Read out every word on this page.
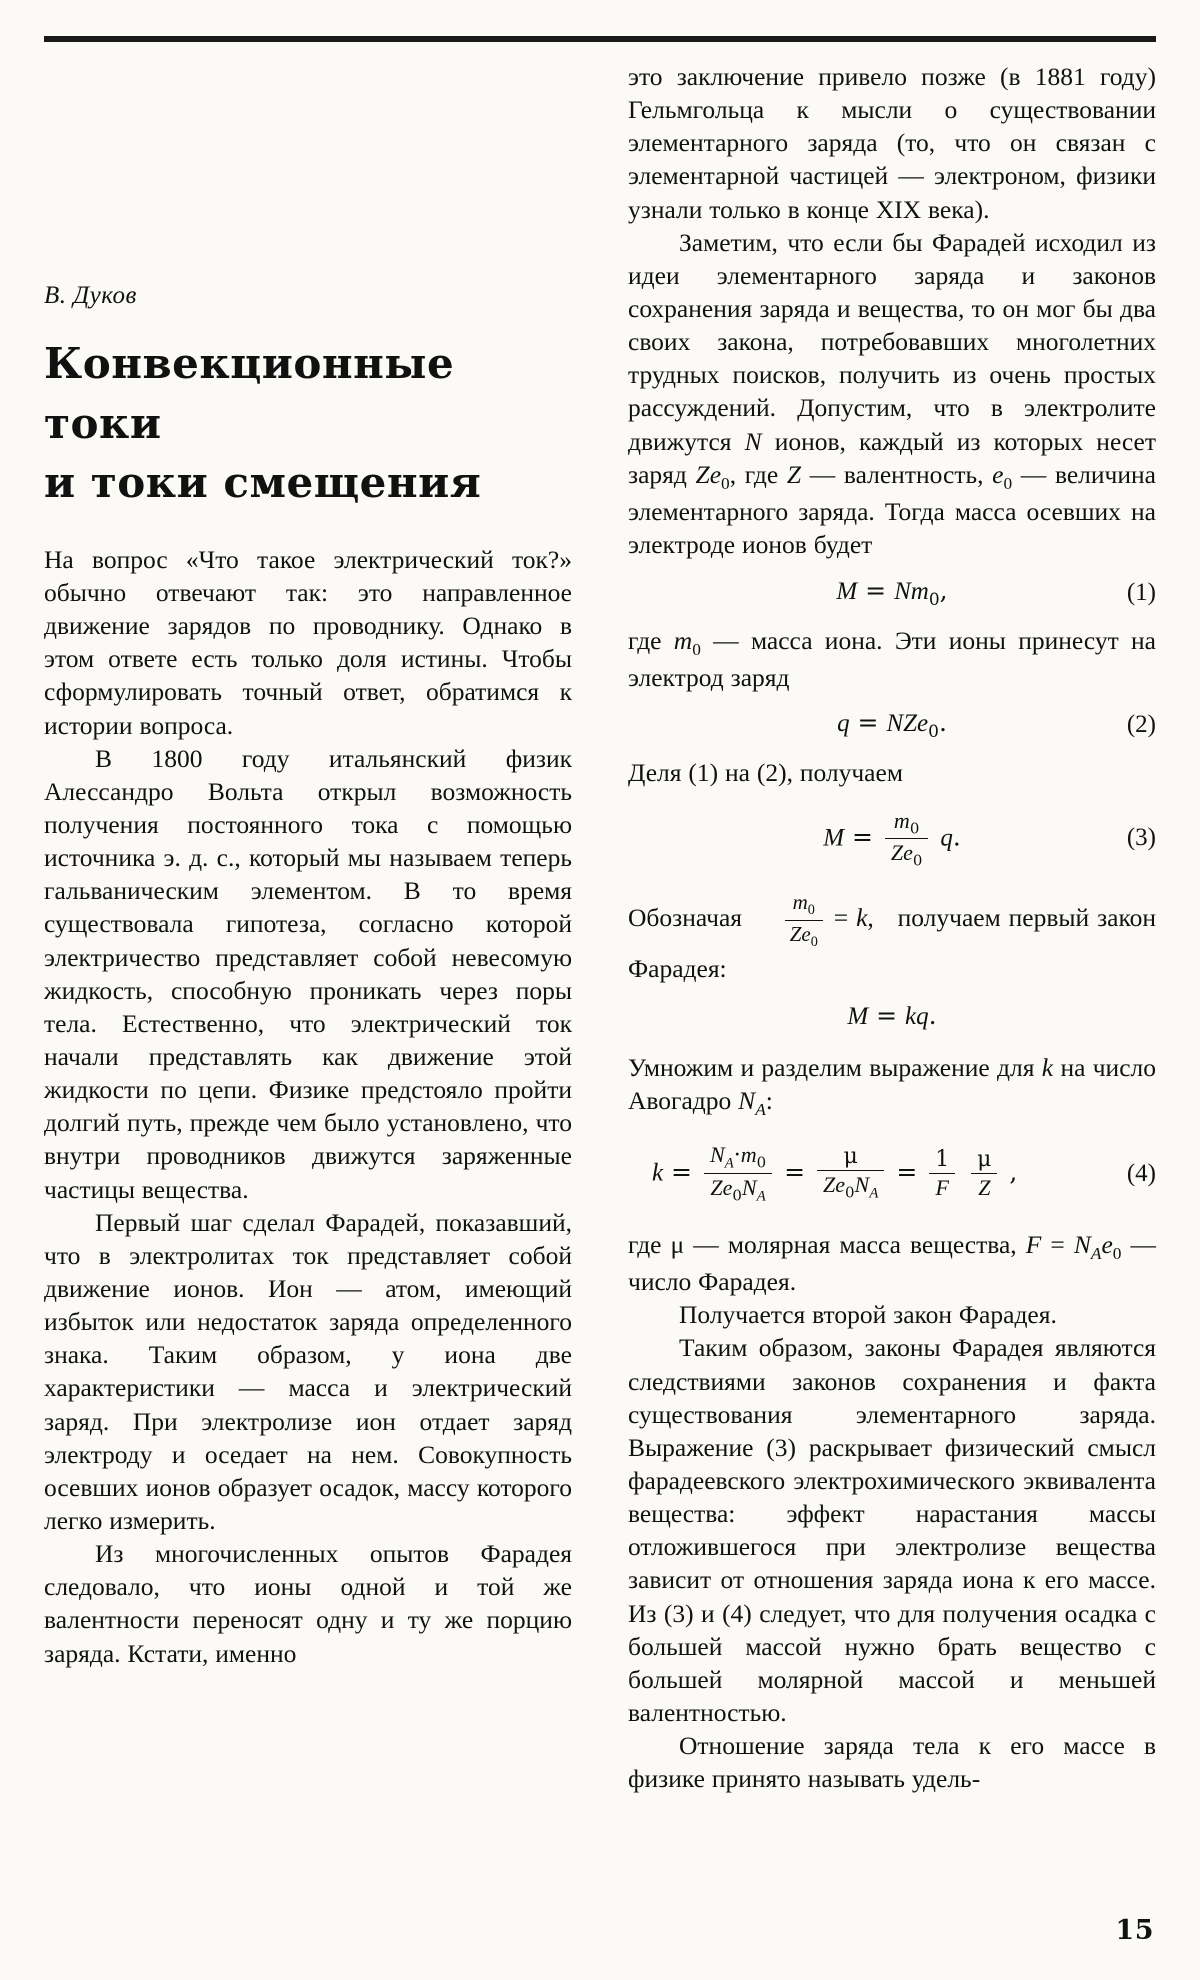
В. Дуков
Конвекционные
токи
и токи смещения

На вопрос «Что такое электрический ток?» обычно отвечают так: это направленное движение зарядов по проводнику. Однако в этом ответе есть только доля истины. Чтобы сформулировать точный ответ, обратимся к истории вопроса.

В 1800 году итальянский физик Алессандро Вольта открыл возможность получения постоянного тока с помощью источника э. д. с., который мы называем теперь гальваническим элементом. В то время существовала гипотеза, согласно которой электричество представляет собой невесомую жидкость, способную проникать через поры тела. Естественно, что электрический ток начали представлять как движение этой жидкости по цепи. Физике предстояло пройти долгий путь, прежде чем было установлено, что внутри проводников движутся заряженные частицы вещества.

Первый шаг сделал Фарадей, показавший, что в электролитах ток представляет собой движение ионов. Ион — атом, имеющий избыток или недостаток заряда определенного знака. Таким образом, у иона две характеристики — масса и электрический заряд. При электролизе ион отдает заряд электроду и оседает на нем. Совокупность осевших ионов образует осадок, массу которого легко измерить.

Из многочисленных опытов Фарадея следовало, что ионы одной и той же валентности переносят одну и ту же порцию заряда. Кстати, именно

это заключение привело позже (в 1881 году) Гельмгольца к мысли о существовании элементарного заряда (то, что он связан с элементарной частицей — электроном, физики узнали только в конце XIX века).

Заметим, что если бы Фарадей исходил из идеи элементарного заряда и законов сохранения заряда и вещества, то он мог бы два своих закона, потребовавших многолетних трудных поисков, получить из очень простых рассуждений. Допустим, что в электролите движутся N ионов, каждый из которых несет заряд $Ze_0$, где Z — валентность, $e_0$ — величина элементарного заряда. Тогда масса осевших на электроде ионов будет

$M = Nm_0$,	(1)

где $m_0$ — масса иона. Эти ионы принесут на электрод заряд

q = NZe$_0$.	(2)

Деля (1) на (2), получаем

$M = \frac{m_0}{Ze_0} q$.	(3)

Обозначая $\frac{m_0}{Ze_0} = k$,   получаем первый закон Фарадея:

M = kq.

Умножим и разделим выражение для k на число Авогадро $N_A$:

$k = \frac{N_A\cdot m_0}{Ze_0N_A} = \frac{\mu}{Ze_0N_A} = \frac{1}{F}$
$\frac{\mu}{Z}$ ,	(4)

где μ — молярная масса вещества, $F = N_Ae_0$ — число Фарадея.

Получается второй закон Фарадея.

Таким образом, законы Фарадея являются следствиями законов сохранения и факта существования элементарного заряда. Выражение (3) раскрывает физический смысл фарадеевского электрохимического эквивалента вещества: эффект нарастания массы отложившегося при электролизе вещества зависит от отношения заряда иона к его массе. Из (3) и (4) следует, что для получения осадка с большей массой нужно брать вещество с большей молярной массой и меньшей валентностью.

Отношение заряда тела к его массе в физике принято называть удель-

15
